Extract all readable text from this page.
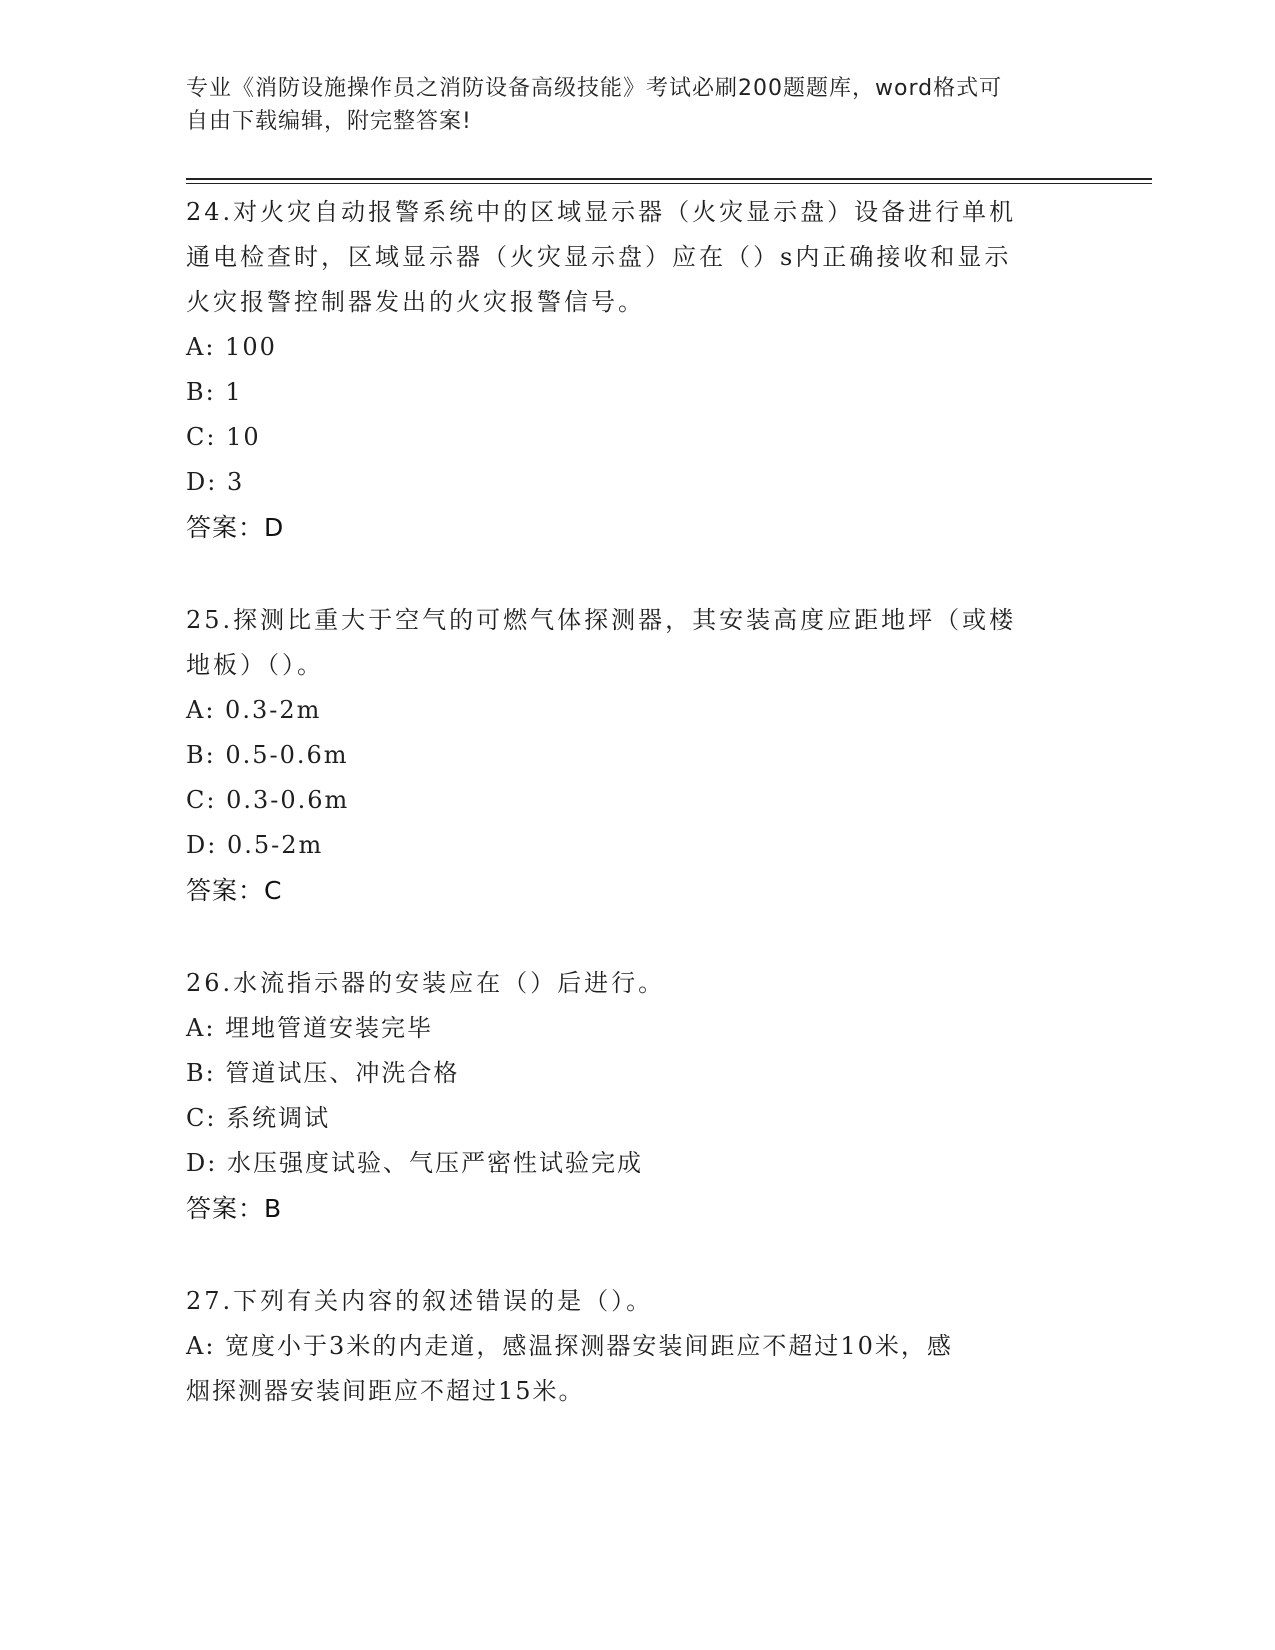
专业《消防设施操作员之消防设备高级技能》考试必刷200题题库，word格式可
自由下载编辑，附完整答案!
24.对火灾自动报警系统中的区域显示器（火灾显示盘）设备进行单机
通电检查时，区域显示器（火灾显示盘）应在（）s内正确接收和显示
火灾报警控制器发出的火灾报警信号。
A: 100
B: 1
C: 10
D: 3
答案：D
25.探测比重大于空气的可燃气体探测器，其安装高度应距地坪（或楼
地板）（）。
A: 0.3-2m
B: 0.5-0.6m
C: 0.3-0.6m
D: 0.5-2m
答案：C
26.水流指示器的安装应在（）后进行。
A: 埋地管道安装完毕
B: 管道试压、冲洗合格
C: 系统调试
D: 水压强度试验、气压严密性试验完成
答案：B
27.下列有关内容的叙述错误的是（）。
A: 宽度小于3米的内走道，感温探测器安装间距应不超过10米，感
烟探测器安装间距应不超过15米。
